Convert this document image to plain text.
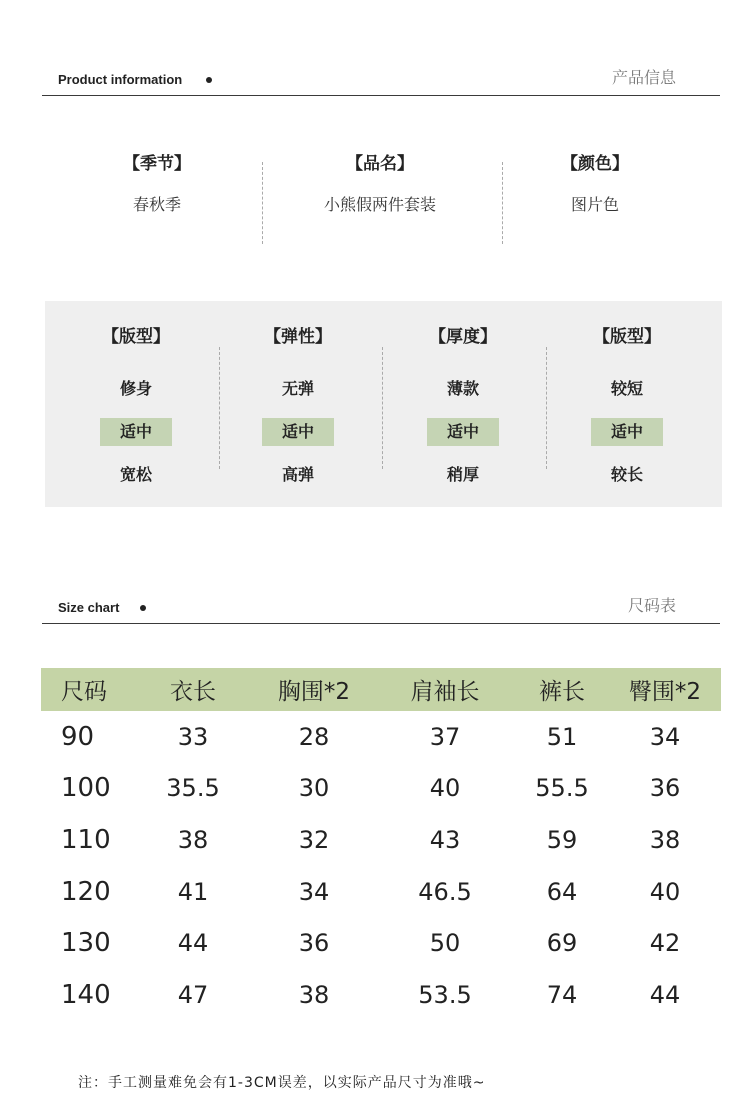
Product information	产品信息
【季节】
春秋季
【品名】
小熊假两件套装
【颜色】
图片色
【版型】
修身
适中
宽松
【弹性】
无弹
适中
高弹
【厚度】
薄款
适中
稍厚
【版型】
较短
适中
较长
Size chart	尺码表
尺码	衣长	胸围*2	肩袖长	裤长	臀围*2
90	33	28	37	51	34
100	35.5	30	40	55.5	36
110	38	32	43	59	38
120	41	34	46.5	64	40
130	44	36	50	69	42
140	47	38	53.5	74	44
注：手工测量难免会有1-3CM误差，以实际产品尺寸为准哦~
